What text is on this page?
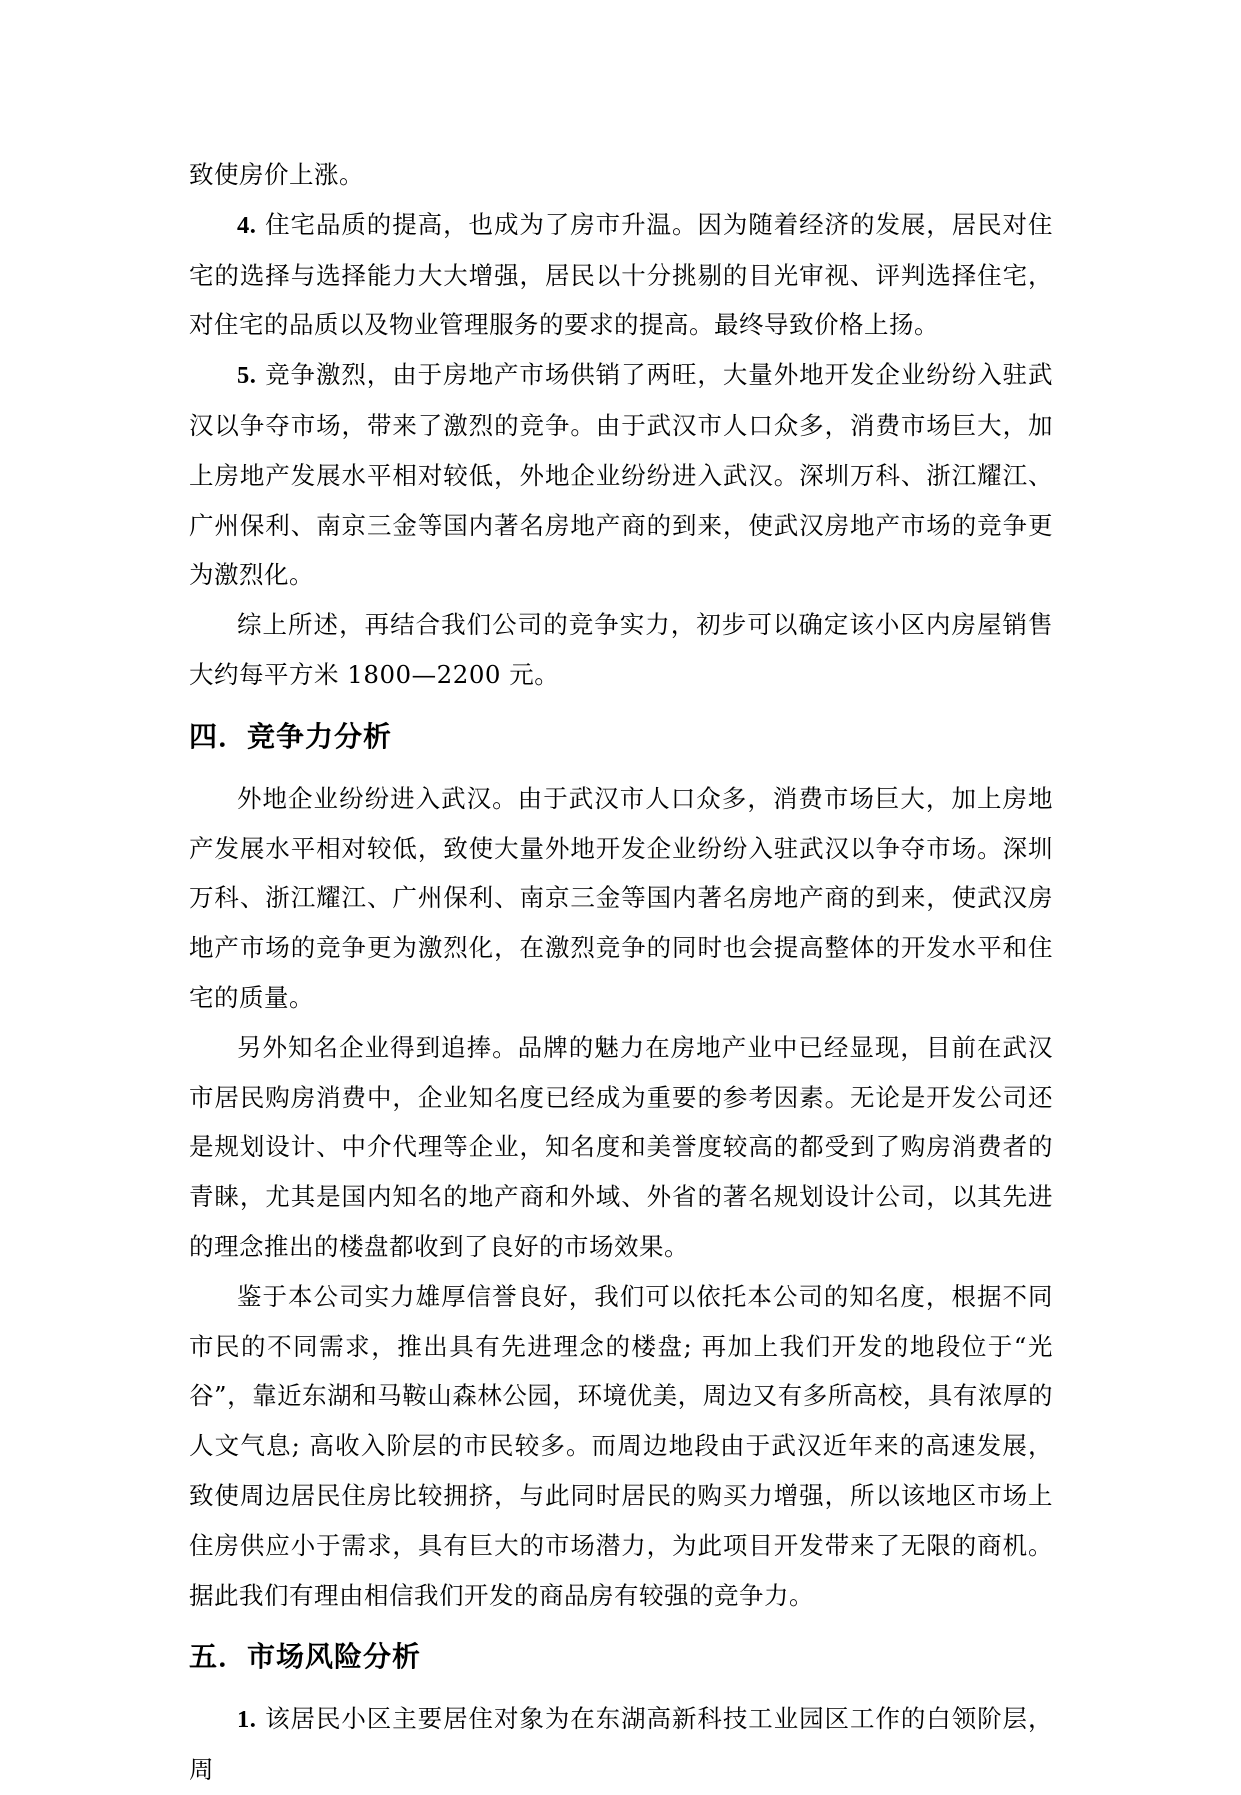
致使房价上涨。

4. 住宅品质的提高，也成为了房市升温。因为随着经济的发展，居民对住宅的选择与选择能力大大增强，居民以十分挑剔的目光审视、评判选择住宅，对住宅的品质以及物业管理服务的要求的提高。最终导致价格上扬。

5. 竞争激烈，由于房地产市场供销了两旺，大量外地开发企业纷纷入驻武汉以争夺市场，带来了激烈的竞争。由于武汉市人口众多，消费市场巨大，加上房地产发展水平相对较低，外地企业纷纷进入武汉。深圳万科、浙江耀江、广州保利、南京三金等国内著名房地产商的到来，使武汉房地产市场的竞争更为激烈化。

综上所述，再结合我们公司的竞争实力，初步可以确定该小区内房屋销售大约每平方米 1800—2200 元。

四．竞争力分析

外地企业纷纷进入武汉。由于武汉市人口众多，消费市场巨大，加上房地产发展水平相对较低，致使大量外地开发企业纷纷入驻武汉以争夺市场。深圳万科、浙江耀江、广州保利、南京三金等国内著名房地产商的到来，使武汉房地产市场的竞争更为激烈化，在激烈竞争的同时也会提高整体的开发水平和住宅的质量。

另外知名企业得到追捧。品牌的魅力在房地产业中已经显现，目前在武汉市居民购房消费中，企业知名度已经成为重要的参考因素。无论是开发公司还是规划设计、中介代理等企业，知名度和美誉度较高的都受到了购房消费者的青睐，尤其是国内知名的地产商和外域、外省的著名规划设计公司，以其先进的理念推出的楼盘都收到了良好的市场效果。

鉴于本公司实力雄厚信誉良好，我们可以依托本公司的知名度，根据不同市民的不同需求，推出具有先进理念的楼盘; 再加上我们开发的地段位于“光谷”，靠近东湖和马鞍山森林公园，环境优美，周边又有多所高校，具有浓厚的人文气息; 高收入阶层的市民较多。而周边地段由于武汉近年来的高速发展，致使周边居民住房比较拥挤，与此同时居民的购买力增强，所以该地区市场上住房供应小于需求，具有巨大的市场潜力，为此项目开发带来了无限的商机。据此我们有理由相信我们开发的商品房有较强的竞争力。

五．市场风险分析

1. 该居民小区主要居住对象为在东湖高新科技工业园区工作的白领阶层，周
